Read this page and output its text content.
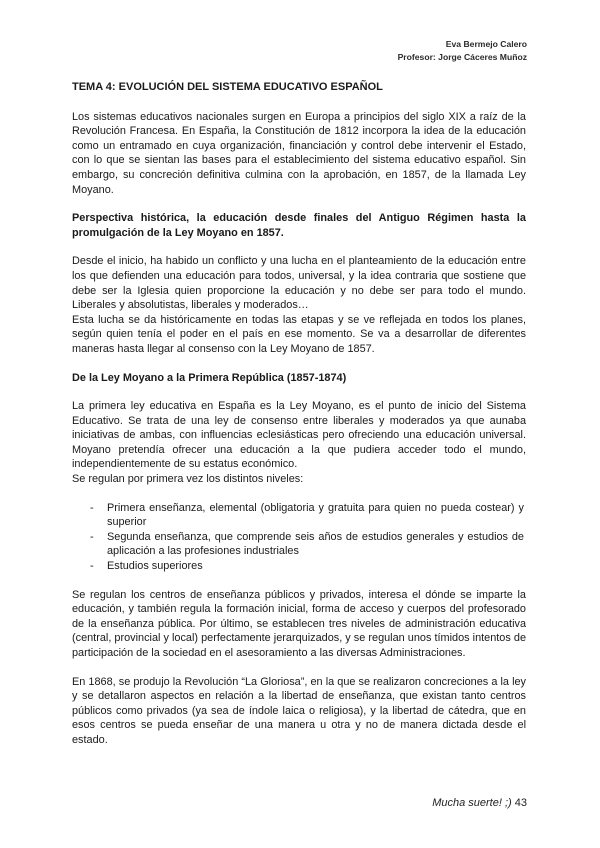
Eva Bermejo Calero
Profesor: Jorge Cáceres Muñoz

TEMA 4: EVOLUCIÓN DEL SISTEMA EDUCATIVO ESPAÑOL

Los sistemas educativos nacionales surgen en Europa a principios del siglo XIX a raíz de la Revolución Francesa. En España, la Constitución de 1812 incorpora la idea de la educación como un entramado en cuya organización, financiación y control debe intervenir el Estado, con lo que se sientan las bases para el establecimiento del sistema educativo español. Sin embargo, su concreción definitiva culmina con la aprobación, en 1857, de la llamada Ley Moyano.

Perspectiva histórica, la educación desde finales del Antiguo Régimen hasta la promulgación de la Ley Moyano en 1857.

Desde el inicio, ha habido un conflicto y una lucha en el planteamiento de la educación entre los que defienden una educación para todos, universal, y la idea contraria que sostiene que debe ser la Iglesia quien proporcione la educación y no debe ser para todo el mundo. Liberales y absolutistas, liberales y moderados…

Esta lucha se da históricamente en todas las etapas y se ve reflejada en todos los planes, según quien tenía el poder en el país en ese momento. Se va a desarrollar de diferentes maneras hasta llegar al consenso con la Ley Moyano de 1857.

De la Ley Moyano a la Primera República (1857-1874)

La primera ley educativa en España es la Ley Moyano, es el punto de inicio del Sistema Educativo. Se trata de una ley de consenso entre liberales y moderados ya que aunaba iniciativas de ambas, con influencias eclesiásticas pero ofreciendo una educación universal. Moyano pretendía ofrecer una educación a la que pudiera acceder todo el mundo, independientemente de su estatus económico.

Se regulan por primera vez los distintos niveles:

- Primera enseñanza, elemental (obligatoria y gratuita para quien no pueda costear) y superior
- Segunda enseñanza, que comprende seis años de estudios generales y estudios de aplicación a las profesiones industriales
- Estudios superiores

Se regulan los centros de enseñanza públicos y privados, interesa el dónde se imparte la educación, y también regula la formación inicial, forma de acceso y cuerpos del profesorado de la enseñanza pública. Por último, se establecen tres niveles de administración educativa (central, provincial y local) perfectamente jerarquizados, y se regulan unos tímidos intentos de participación de la sociedad en el asesoramiento a las diversas Administraciones.

En 1868, se produjo la Revolución “La Gloriosa”, en la que se realizaron concreciones a la ley y se detallaron aspectos en relación a la libertad de enseñanza, que existan tanto centros públicos como privados (ya sea de índole laica o religiosa), y la libertad de cátedra, que en esos centros se pueda enseñar de una manera u otra y no de manera dictada desde el estado.

Mucha suerte! ;) 43
